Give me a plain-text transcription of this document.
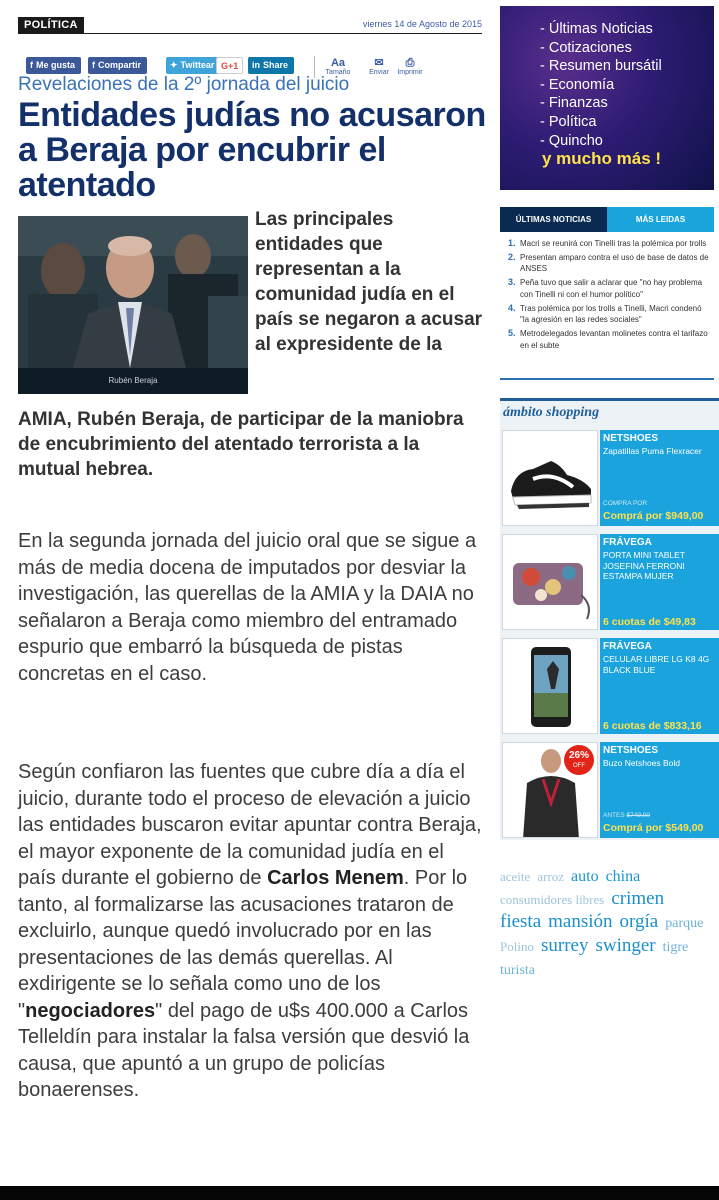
POLÍTICA	viernes 14 de Agosto de 2015
f Me gusta	f Compartir	✦ Twittear G+1	in Share	Aa
Tamaño
✉
Enviar
⎙
Imprimir
Revelaciones de la 2º jornada del juicio
Entidades judías no acusaron a Beraja por encubrir el atentado
Rubén Beraja

Las principales entidades que representan a la comunidad judía en el país se negaron a acusar al expresidente de la

AMIA, Rubén Beraja, de participar de la maniobra de encubrimiento del atentado terrorista a la mutual hebrea.

En la segunda jornada del juicio oral que se sigue a más de media docena de imputados por desviar la investigación, las querellas de la AMIA y la DAIA no señalaron a Beraja como miembro del entramado espurio que embarró la búsqueda de pistas concretas en el caso.

Según confiaron las fuentes que cubre día a día el juicio, durante todo el proceso de elevación a juicio las entidades buscaron evitar apuntar contra Beraja, el mayor exponente de la comunidad judía en el país durante el gobierno de Carlos Menem. Por lo tanto, al formalizarse las acusaciones trataron de excluirlo, aunque quedó involucrado por en las presentaciones de las demás querellas. Al exdirigente se lo señala como uno de los "negociadores" del pago de u$s 400.000 a Carlos Telleldín para instalar la falsa versión que desvió la causa, que apuntó a un grupo de policías bonaerenses.

- Últimas Noticias
- Cotizaciones
- Resumen bursátil
- Economía
- Finanzas
- Política
- Quincho
y mucho más !
ÚLTIMAS NOTICIAS	MÁS LEIDAS
1. Macri se reunirá con Tinelli tras la polémica por trolls
2. Presentan amparo contra el uso de base de datos de ANSES
3. Peña tuvo que salir a aclarar que "no hay problema con Tinelli ni con el humor político"
4. Tras polémica por los trolls a Tinelli, Macri condenó "la agresión en las redes sociales"
5. Metrodelegados levantan molinetes contra el tarifazo en el subte
ámbito shopping
NETSHOES
Zapatillas Puma Flexracer
COMPRA POR
Comprá por $949,00
FRÁVEGA
PORTA MINI TABLET JOSEFINA FERRONI ESTAMPA MUJER
6 cuotas de $49,83
FRÁVEGA
CELULAR LIBRE LG K8 4G BLACK BLUE
6 cuotas de $833,16
26%
OFF
NETSHOES
Buzo Netshoes Bold
ANTES $749,00
Comprá por $549,00
aceite arroz auto china consumidores libres crimen fiesta mansión orgía parque Polino surrey swinger tigre turista
